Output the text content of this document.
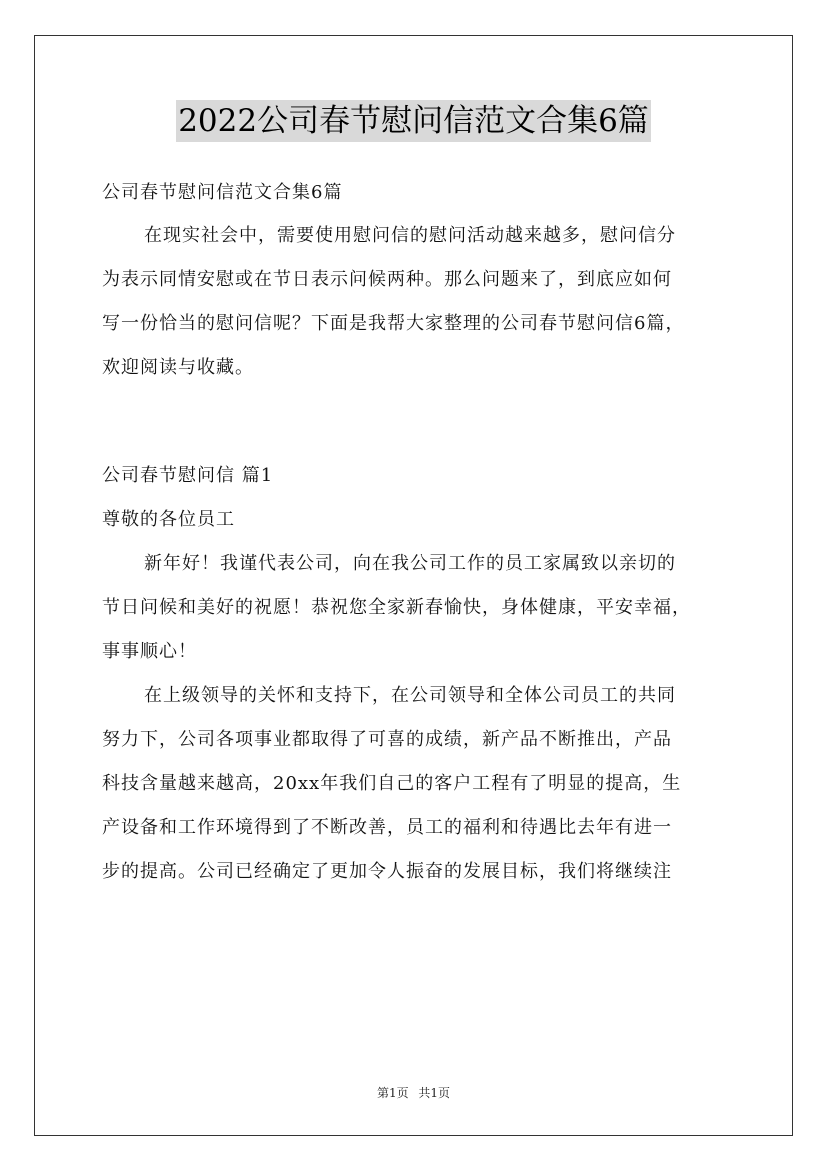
2022公司春节慰问信范文合集6篇
公司春节慰问信范文合集6篇
在现实社会中，需要使用慰问信的慰问活动越来越多，慰问信分
为表示同情安慰或在节日表示问候两种。那么问题来了，到底应如何
写一份恰当的慰问信呢？下面是我帮大家整理的公司春节慰问信6篇，
欢迎阅读与收藏。
公司春节慰问信 篇1
尊敬的各位员工
新年好！我谨代表公司，向在我公司工作的员工家属致以亲切的
节日问候和美好的祝愿！恭祝您全家新春愉快，身体健康，平安幸福，
事事顺心！
在上级领导的关怀和支持下，在公司领导和全体公司员工的共同
努力下，公司各项事业都取得了可喜的成绩，新产品不断推出，产品
科技含量越来越高，20xx年我们自己的客户工程有了明显的提高，生
产设备和工作环境得到了不断改善，员工的福利和待遇比去年有进一
步的提高。公司已经确定了更加令人振奋的发展目标，我们将继续注
第1页 共1页
